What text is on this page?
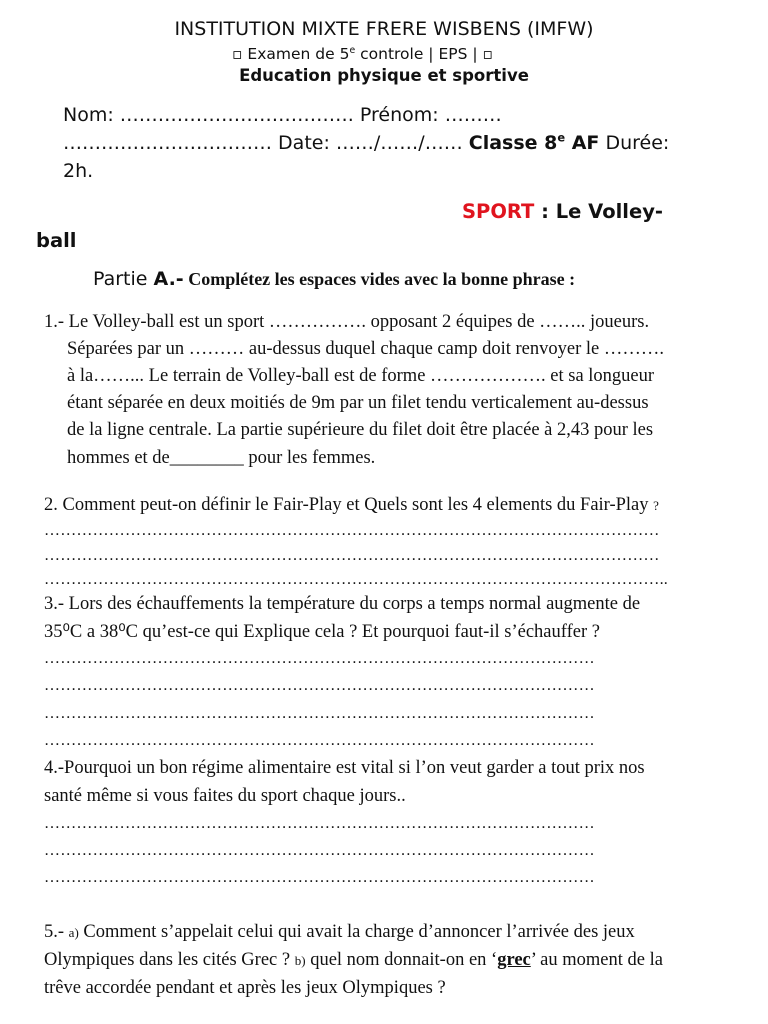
INSTITUTION MIXTE FRERE WISBENS (IMFW)
▫ Examen de 5e controle | EPS | ▫
Education physique et sportive
Nom: ………………………………. Prénom: ………
…………………………… Date: ……/……/…… Classe 8e AF Durée:
2h.
SPORT : Le Volley-
ball
Partie A.- Complétez les espaces vides avec la bonne phrase :
1.- Le Volley-ball est un sport ……………. opposant 2 équipes de …….. joueurs.
Séparées par un ……… au-dessus duquel chaque camp doit renvoyer le ……….
à la……... Le terrain de Volley-ball est de forme ………………. et sa longueur
étant séparée en deux moitiés de 9m par un filet tendu verticalement au-dessus
de la ligne centrale. La partie supérieure du filet doit être placée à 2,43 pour les
hommes et de________ pour les femmes.
2. Comment peut-on définir le Fair-Play et Quels sont les 4 elements du Fair-Play ?
……………………………………………………………………………………………………
……………………………………………………………………………………………………
……………………………………………………………………………………………………..
3.- Lors des échauffements la température du corps a temps normal augmente de
35⁰C a 38⁰C qu’est-ce qui Explique cela ? Et pourquoi faut-il s’échauffer ?
…………………………………………………………………………………………
…………………………………………………………………………………………
…………………………………………………………………………………………
…………………………………………………………………………………………
4.-Pourquoi un bon régime alimentaire est vital si l’on veut garder a tout prix nos
santé même si vous faites du sport chaque jours..
…………………………………………………………………………………………
…………………………………………………………………………………………
…………………………………………………………………………………………
5.- a) Comment s’appelait celui qui avait la charge d’annoncer l’arrivée des jeux
Olympiques dans les cités Grec ? b) quel nom donnait-on en ‘grec’ au moment de la
trêve accordée pendant et après les jeux Olympiques ?
